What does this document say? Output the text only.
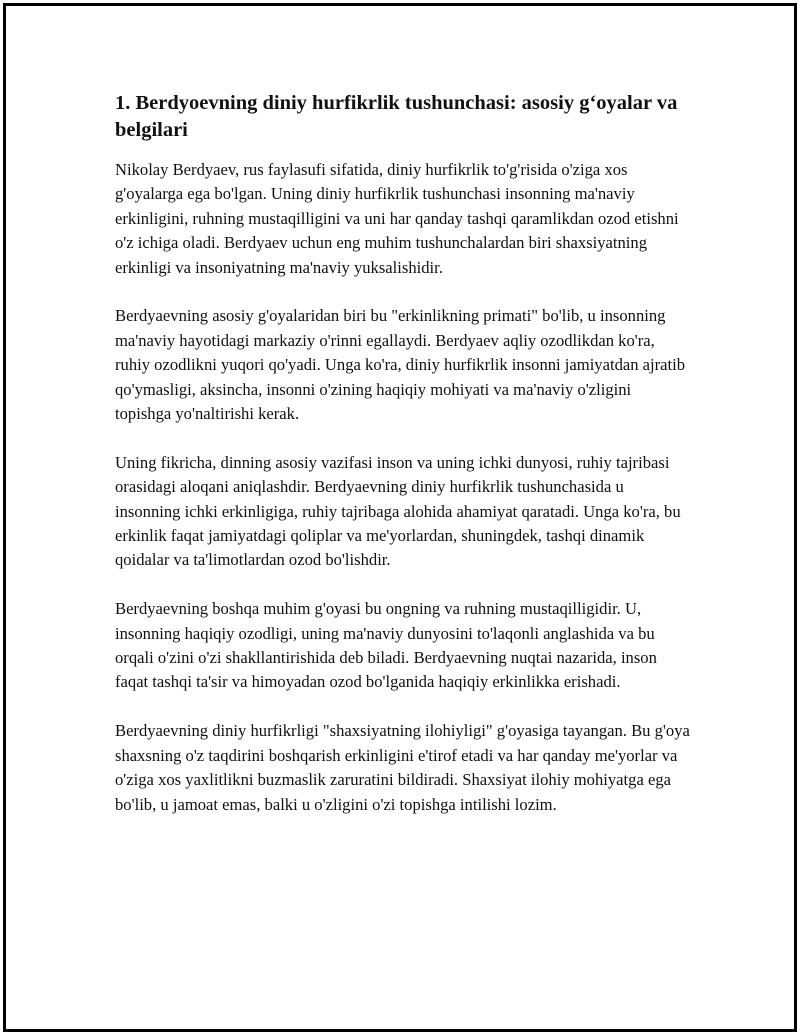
1. Berdyoevning diniy hurfikrlik tushunchasi: asosiy g‘oyalar va belgilari

Nikolay Berdyaev, rus faylasufi sifatida, diniy hurfikrlik to'g'risida o'ziga xos g'oyalarga ega bo'lgan. Uning diniy hurfikrlik tushunchasi insonning ma'naviy erkinligini, ruhning mustaqilligini va uni har qanday tashqi qaramlikdan ozod etishni o'z ichiga oladi. Berdyaev uchun eng muhim tushunchalardan biri shaxsiyatning erkinligi va insoniyatning ma'naviy yuksalishidir.

Berdyaevning asosiy g'oyalaridan biri bu "erkinlikning primati" bo'lib, u insonning ma'naviy hayotidagi markaziy o'rinni egallaydi. Berdyaev aqliy ozodlikdan ko'ra, ruhiy ozodlikni yuqori qo'yadi. Unga ko'ra, diniy hurfikrlik insonni jamiyatdan ajratib qo'ymasligi, aksincha, insonni o'zining haqiqiy mohiyati va ma'naviy o'zligini topishga yo'naltirishi kerak.

Uning fikricha, dinning asosiy vazifasi inson va uning ichki dunyosi, ruhiy tajribasi orasidagi aloqani aniqlashdir. Berdyaevning diniy hurfikrlik tushunchasida u insonning ichki erkinligiga, ruhiy tajribaga alohida ahamiyat qaratadi. Unga ko'ra, bu erkinlik faqat jamiyatdagi qoliplar va me'yorlardan, shuningdek, tashqi dinamik qoidalar va ta'limotlardan ozod bo'lishdir.

Berdyaevning boshqa muhim g'oyasi bu ongning va ruhning mustaqilligidir. U, insonning haqiqiy ozodligi, uning ma'naviy dunyosini to'laqonli anglashida va bu orqali o'zini o'zi shakllantirishida deb biladi. Berdyaevning nuqtai nazarida, inson faqat tashqi ta'sir va himoyadan ozod bo'lganida haqiqiy erkinlikka erishadi.

Berdyaevning diniy hurfikrligi "shaxsiyatning ilohiyligi" g'oyasiga tayangan. Bu g'oya shaxsning o'z taqdirini boshqarish erkinligini e'tirof etadi va har qanday me'yorlar va o'ziga xos yaxlitlikni buzmaslik zaruratini bildiradi. Shaxsiyat ilohiy mohiyatga ega bo'lib, u jamoat emas, balki u o'zligini o'zi topishga intilishi lozim.
